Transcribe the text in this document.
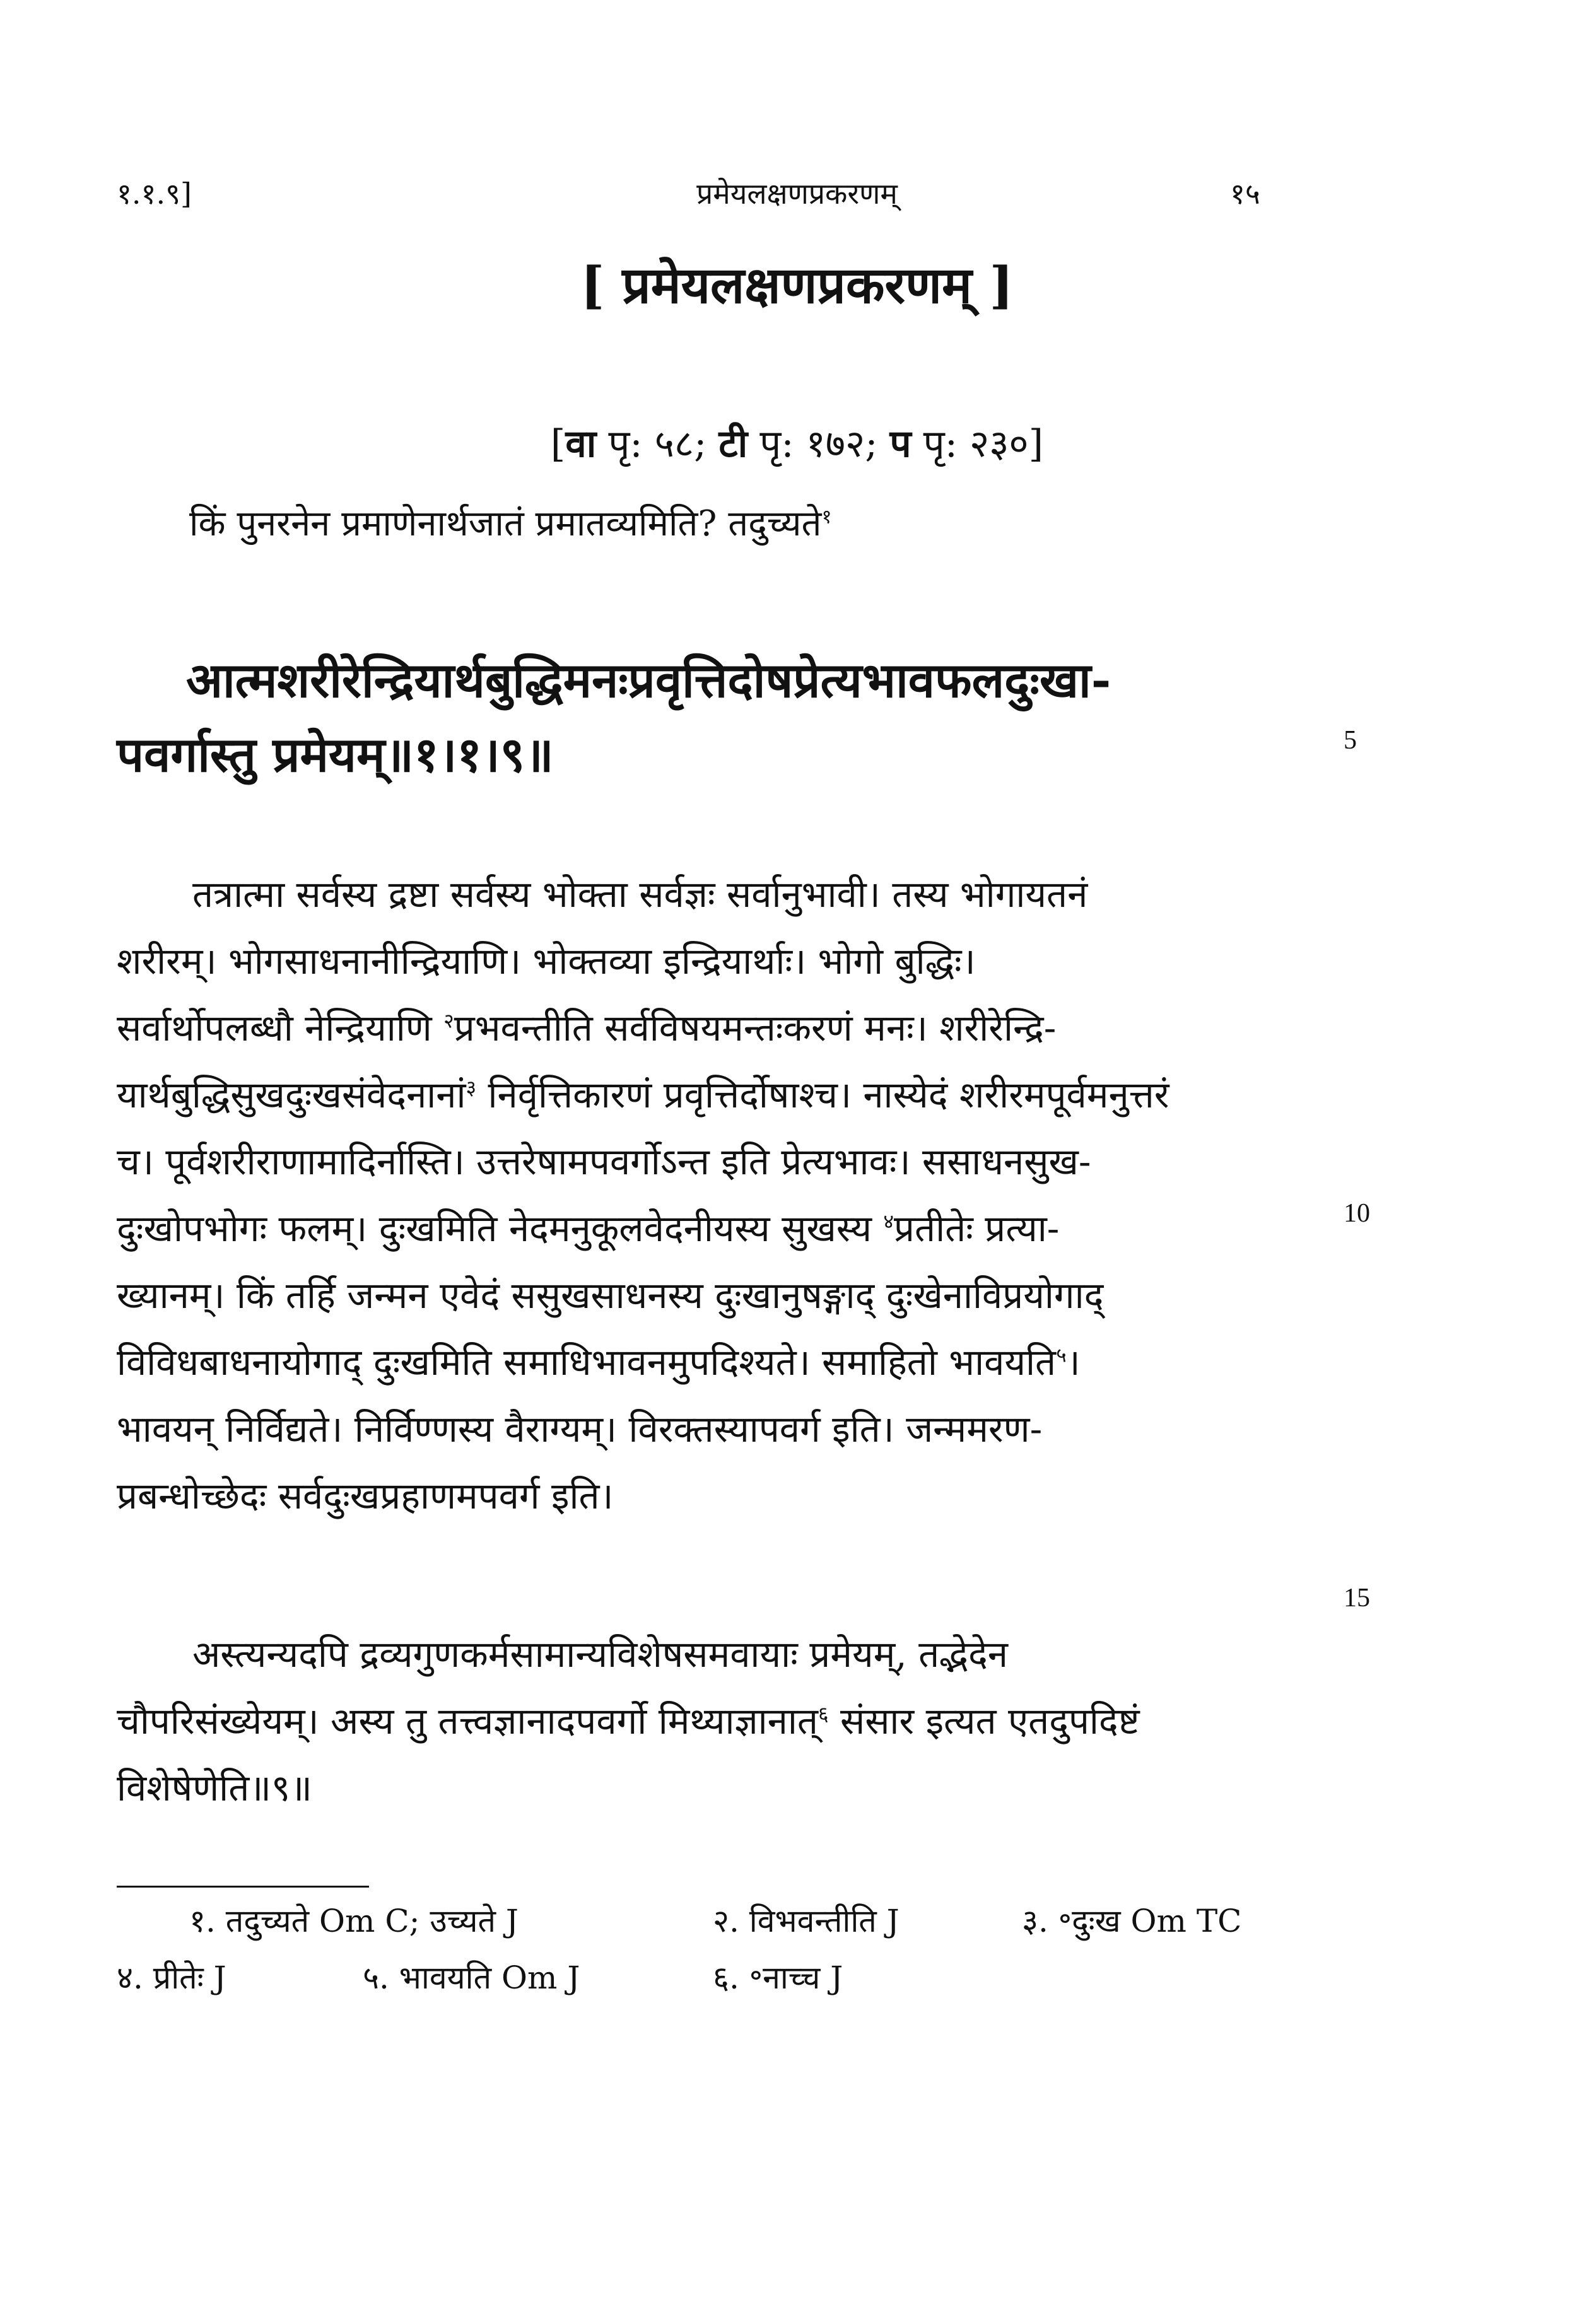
१.१.९]	प्रमेयलक्षणप्रकरणम्	१५
[ प्रमेयलक्षणप्रकरणम् ]
[वा पृ: ५८; टी पृ: १७२; प पृ: २३०]
किं पुनरनेन प्रमाणेनार्थजातं प्रमातव्यमिति? तदुच्यते$^१$
आत्मशरीरेन्द्रियार्थबुद्धिमनःप्रवृत्तिदोषप्रेत्यभावफलदुःखा-
पवर्गास्तु प्रमेयम्॥१।१।९॥	5
10
15
तत्रात्मा सर्वस्य द्रष्टा सर्वस्य भोक्ता सर्वज्ञः सर्वानुभावी। तस्य भोगायतनं
शरीरम्। भोगसाधनानीन्द्रियाणि। भोक्तव्या इन्द्रियार्थाः। भोगो बुद्धिः।
सर्वार्थोपलब्धौ नेन्द्रियाणि $^२$प्रभवन्तीति सर्वविषयमन्तःकरणं मनः। शरीरेन्द्रि-
यार्थबुद्धिसुखदुःखसंवेदनानां$^३$ निर्वृत्तिकारणं प्रवृत्तिर्दोषाश्च। नास्येदं शरीरमपूर्वमनुत्तरं
च। पूर्वशरीराणामादिर्नास्ति। उत्तरेषामपवर्गोऽन्त इति प्रेत्यभावः। ससाधनसुख-
दुःखोपभोगः फलम्। दुःखमिति नेदमनुकूलवेदनीयस्य सुखस्य $^४$प्रतीतेः प्रत्या-
ख्यानम्। किं तर्हि जन्मन एवेदं ससुखसाधनस्य दुःखानुषङ्गाद् दुःखेनाविप्रयोगाद्
विविधबाधनायोगाद् दुःखमिति समाधिभावनमुपदिश्यते। समाहितो भावयति$^५$।
भावयन् निर्विद्यते। निर्विण्णस्य वैराग्यम्। विरक्तस्यापवर्ग इति। जन्ममरण-
प्रबन्धोच्छेदः सर्वदुःखप्रहाणमपवर्ग इति।
अस्त्यन्यदपि द्रव्यगुणकर्मसामान्यविशेषसमवायाः प्रमेयम्, तद्भेदेन
चौपरिसंख्येयम्। अस्य तु तत्त्वज्ञानादपवर्गो मिथ्याज्ञानात्$^६$ संसार इत्यत एतदुपदिष्टं
विशेषेणेति॥९॥
१. तदुच्यते Om C; उच्यते J	२. विभवन्तीति J	३. ॰दुःख Om TC
४. प्रीतेः J	५. भावयति Om J	६. ॰नाच्च J
